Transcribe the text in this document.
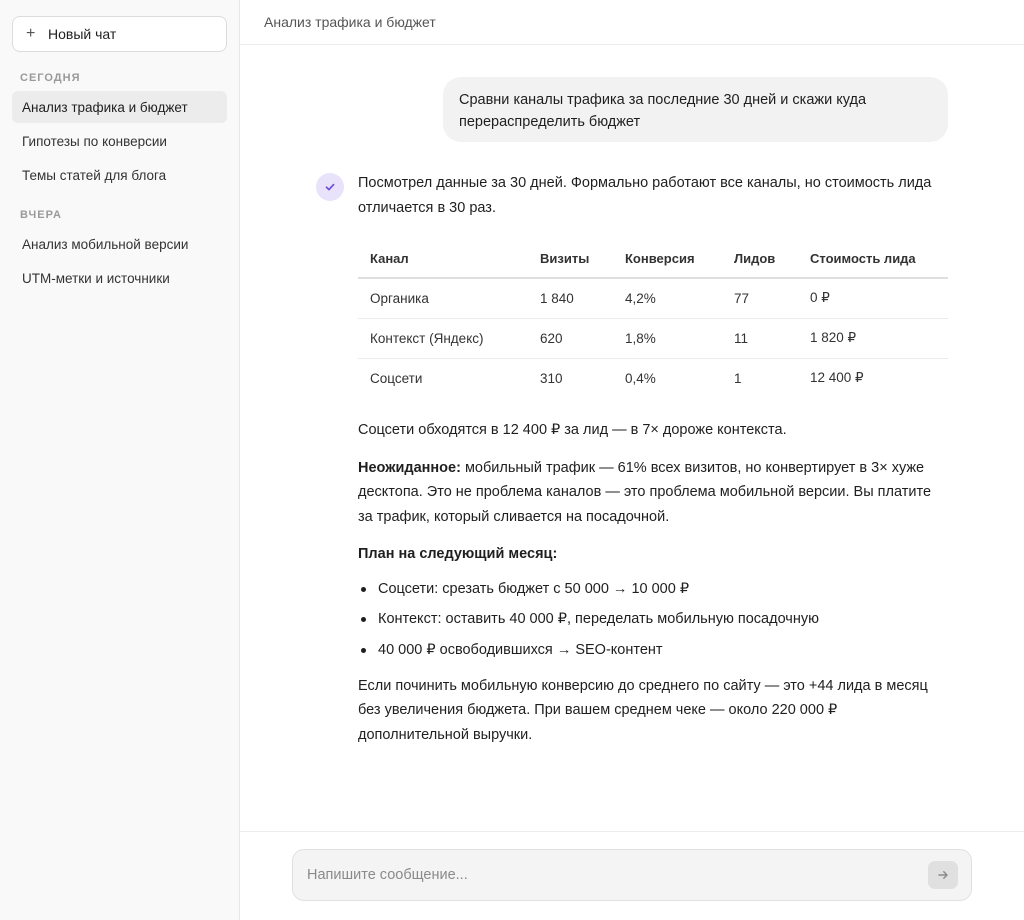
+ Новый чат
СЕГОДНЯ
Анализ трафика и бюджет
Гипотезы по конверсии
Темы статей для блога
ВЧЕРА
Анализ мобильной версии
UTM-метки и источники
Анализ трафика и бюджет
Сравни каналы трафика за последние 30 дней и скажи куда перераспределить бюджет

Посмотрел данные за 30 дней. Формально работают все каналы, но стоимость лида отличается в 30 раз.

Канал	Визиты	Конверсия	Лидов	Стоимость лида
Органика	1 840	4,2%	77	0 ₽
Контекст (Яндекс)	620	1,8%	11	1 820 ₽
Соцсети	310	0,4%	1	12 400 ₽

Соцсети обходятся в 12 400 ₽ за лид — в 7× дороже контекста.

Неожиданное: мобильный трафик — 61% всех визитов, но конвертирует в 3× хуже десктопа. Это не проблема каналов — это проблема мобильной версии. Вы платите за трафик, который сливается на посадочной.

План на следующий месяц:

Соцсети: срезать бюджет с 50 000 → 10 000 ₽
Контекст: оставить 40 000 ₽, переделать мобильную посадочную
40 000 ₽ освободившихся → SEO-контент

Если починить мобильную конверсию до среднего по сайту — это +44 лида в месяц без увеличения бюджета. При вашем среднем чеке — около 220 000 ₽ дополнительной выручки.

Напишите сообщение...
